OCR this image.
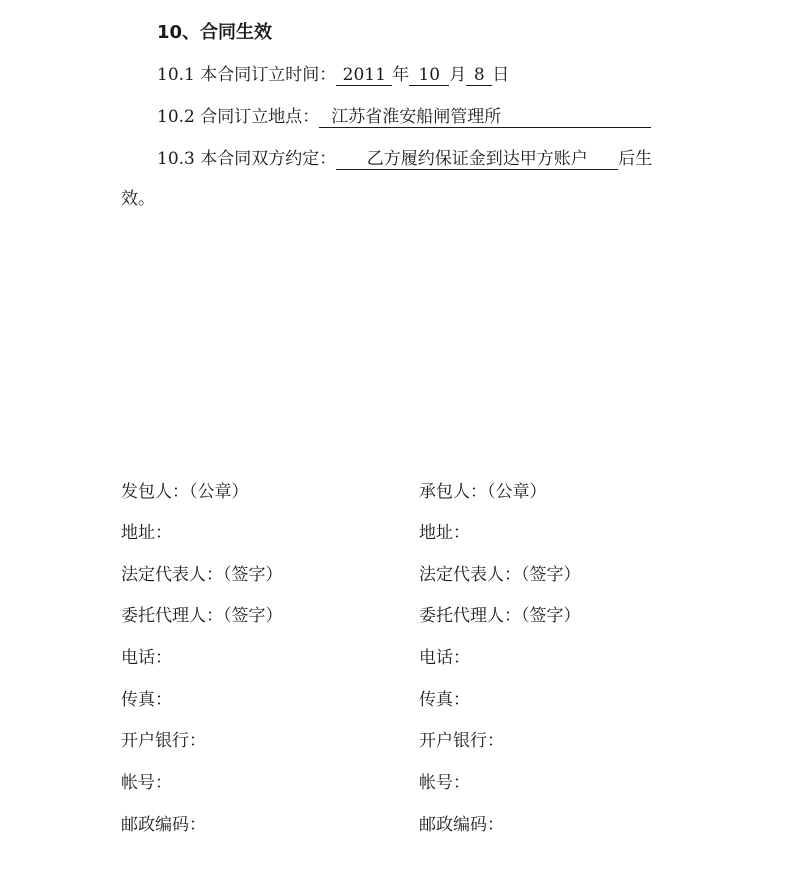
10、合同生效
10.1 本合同订立时间： 2011 年 10 月 8 日
10.2 合同订立地点： 江苏省淮安船闸管理所
10.3 本合同双方约定： 乙方履约保证金到达甲方账户 后生
效。
发包人：（公章）
地址：
法定代表人：（签字）
委托代理人：（签字）
电话：
传真：
开户银行：
帐号：
邮政编码：
承包人：（公章）
地址：
法定代表人：（签字）
委托代理人：（签字）
电话：
传真：
开户银行：
帐号：
邮政编码：
